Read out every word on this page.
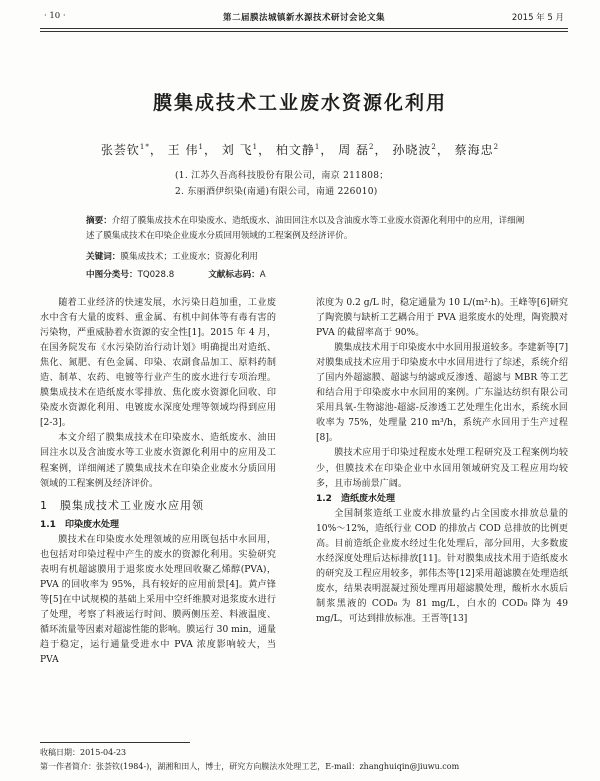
· 10 ·	第二届膜法城镇新水源技术研讨会论文集	2015 年 5 月
膜集成技术工业废水资源化利用
张荟钦$^{1*}$， 王 伟$^1$， 刘 飞$^1$， 柏文静$^1$， 周 磊$^2$， 孙晓波$^2$， 蔡海忠$^2$
(1. 江苏久吾高科技股份有限公司，南京 211808；
2. 东丽酒伊织染(南通)有限公司，南通 226010)
摘要：介绍了膜集成技术在印染废水、造纸废水、油田回注水以及含油废水等工业废水资源化利用中的应用，详细阐述了膜集成技术在印染企业废水分质回用领域的工程案例及经济评价。
关键词：膜集成技术；工业废水；资源化利用
中图分类号：TQ028.8	文献标志码：A

随着工业经济的快速发展，水污染日趋加重，工业废水中含有大量的废料、重金属、有机中间体等有毒有害的污染物，严重威胁着水资源的安全性[1]。2015 年 4 月，在国务院发布《水污染防治行动计划》明确提出对造纸、焦化、氮肥、有色金属、印染、农副食品加工、原料药制造、制革、农药、电镀等行业产生的废水进行专项治理。膜集成技术在造纸废水零排放、焦化废水资源化回收、印染废水资源化利用、电镀废水深度处理等领域均得到应用[2-3]。

本文介绍了膜集成技术在印染废水、造纸废水、油田回注水以及含油废水等工业废水资源化利用中的应用及工程案例，详细阐述了膜集成技术在印染企业废水分质回用领域的工程案例及经济评价。

1　膜集成技术工业废水应用领

1.1　印染废水处理

膜技术在印染废水处理领域的应用既包括中水回用，也包括对印染过程中产生的废水的资源化利用。实验研究表明有机超滤膜用于退浆废水处理回收聚乙烯醇(PVA)，PVA 的回收率为 95%，具有较好的应用前景[4]。黄卢锋等[5]在中试规模的基础上采用中空纤维膜对退浆废水进行了处理，考察了料液运行时间、膜两侧压差、料液温度、循环流量等因素对超滤性能的影响。膜运行 30 min，通量趋于稳定，运行通量受进水中 PVA 浓度影响较大，当 PVA

浓度为 0.2 g/L 时，稳定通量为 10 L/(m²·h)。王峰等[6]研究了陶瓷膜与缺析工艺耦合用于 PVA 退浆废水的处理，陶瓷膜对 PVA 的截留率高于 90%。

膜集成技术用于印染废水中水回用报道较多。李建新等[7]对膜集成技术应用于印染废水中水回用进行了综述，系统介绍了国内外超滤膜、超滤与纳滤或反渗透、超滤与 MBR 等工艺和结合用于印染废水中水回用的案例。广东溢达纺织有限公司采用具氧-生物滤池-超滤-反渗透工艺处理生化出水，系统水回收率为 75%，处理量 210 m³/h，系统产水回用于生产过程[8]。

膜技术应用于印染过程废水处理工程研究及工程案例均较少，但膜技术在印染企业中水回用领域研究及工程应用均较多，且市场前景广阔。

1.2　造纸废水处理

全国制浆造纸工业废水排放量约占全国废水排放总量的 10%～12%，造纸行业 COD 的排放占 COD 总排放的比例更高。目前造纸企业废水经过生化处理后，部分回用，大多数废水经深度处理后达标排放[11]。针对膜集成技术用于造纸废水的研究及工程应用较多，郭伟杰等[12]采用超滤膜在处理造纸废水，结果表明混凝过预处理再用超滤膜处理，酸析水水质后制浆黑液的 COD₀ 为 81 mg/L，白水的 COD₀ 降为 49 mg/L，可达到排放标准。王晋等[13]

收稿日期：2015-04-23
第一作者简介：张荟钦(1984-)，湖湘和田人，博士，研究方向膜法水处理工艺，E-mail：zhanghuiqin@jiuwu.com
